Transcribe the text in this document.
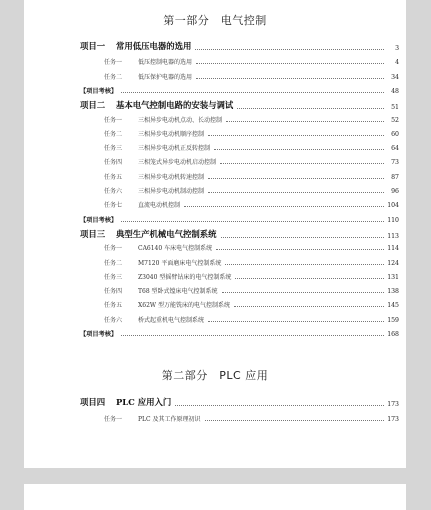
第一部分　电气控制
项目一	常用低压电器的选用	3
任务一	低压控制电器的选用	4
任务二	低压保护电器的选用	34
【项目考核】	48
项目二	基本电气控制电路的安装与调试	51
任务一	三相异步电动机点动、长动控制	52
任务二	三相异步电动机顺序控制	60
任务三	三相异步电动机正反转控制	64
任务四	三相笼式异步电动机启动控制	73
任务五	三相异步电动机转速控制	87
任务六	三相异步电动机制动控制	96
任务七	直流电动机控制	104
【项目考核】	110
项目三	典型生产机械电气控制系统	113
任务一	CA6140 车床电气控制系统	114
任务二	M7120 平面磨床电气控制系统	124
任务三	Z3040 型摇臂钻床的电气控制系统	131
任务四	T68 型卧式镗床电气控制系统	138
任务五	X62W 型万能铣床的电气控制系统	145
任务六	桥式起重机电气控制系统	159
【项目考核】	168
第二部分　PLC 应用
项目四	PLC 应用入门	173
任务一	PLC 及其工作原理初识	173
